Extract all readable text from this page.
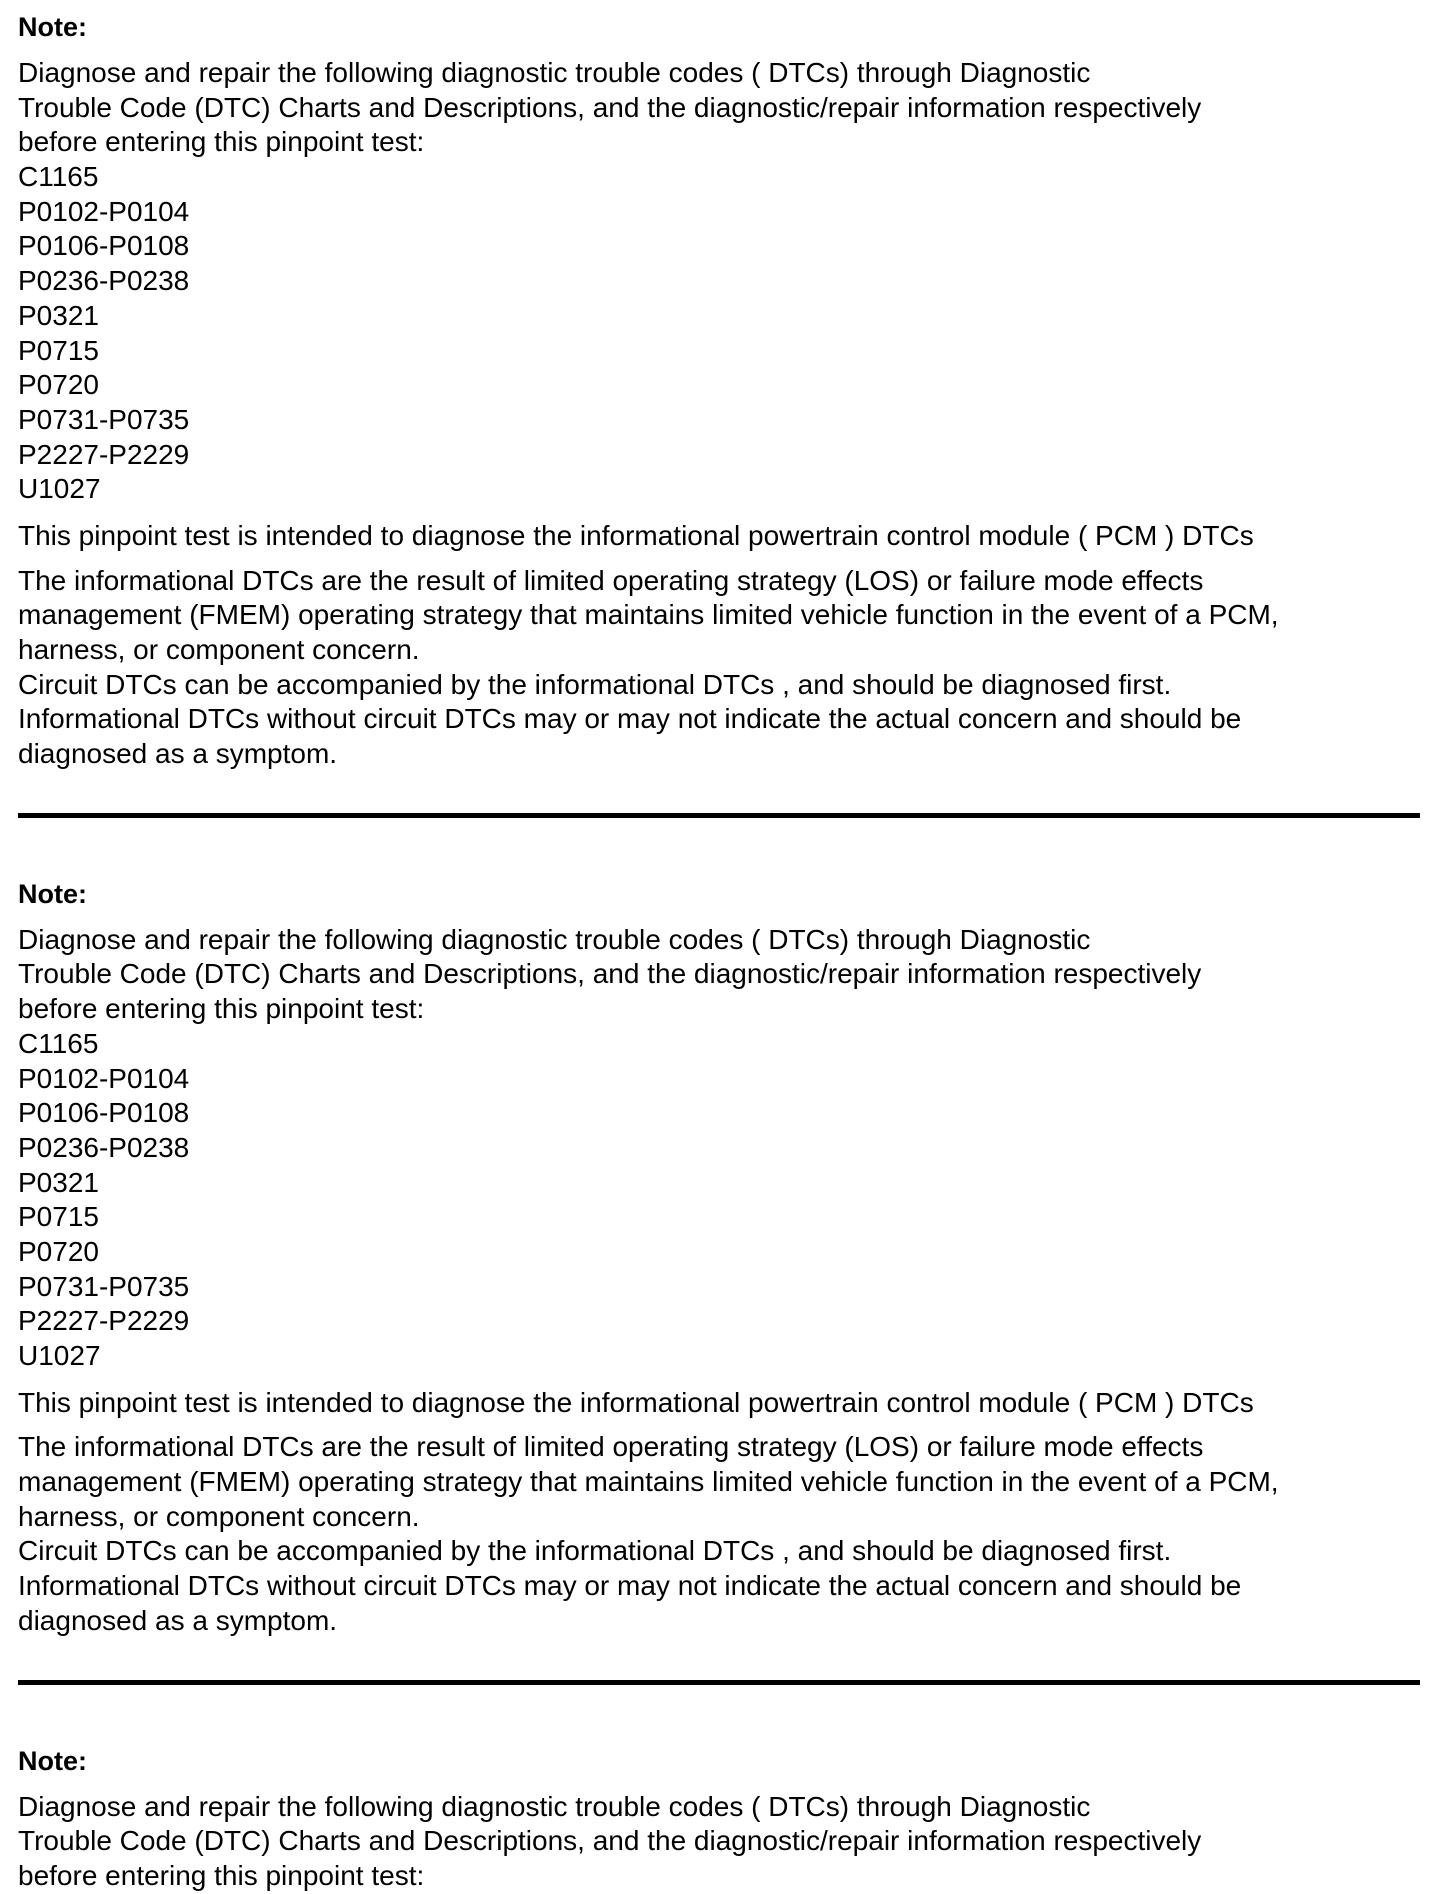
Note:
Diagnose and repair the following diagnostic trouble codes ( DTCs) through Diagnostic
Trouble Code (DTC) Charts and Descriptions, and the diagnostic/repair information respectively
before entering this pinpoint test:
C1165
P0102-P0104
P0106-P0108
P0236-P0238
P0321
P0715
P0720
P0731-P0735
P2227-P2229
U1027
This pinpoint test is intended to diagnose the informational powertrain control module ( PCM ) DTCs
The informational DTCs are the result of limited operating strategy (LOS) or failure mode effects
management (FMEM) operating strategy that maintains limited vehicle function in the event of a PCM,
harness, or component concern.
Circuit DTCs can be accompanied by the informational DTCs , and should be diagnosed first.
Informational DTCs without circuit DTCs may or may not indicate the actual concern and should be
diagnosed as a symptom.
Note:
Diagnose and repair the following diagnostic trouble codes ( DTCs) through Diagnostic
Trouble Code (DTC) Charts and Descriptions, and the diagnostic/repair information respectively
before entering this pinpoint test:
C1165
P0102-P0104
P0106-P0108
P0236-P0238
P0321
P0715
P0720
P0731-P0735
P2227-P2229
U1027
This pinpoint test is intended to diagnose the informational powertrain control module ( PCM ) DTCs
The informational DTCs are the result of limited operating strategy (LOS) or failure mode effects
management (FMEM) operating strategy that maintains limited vehicle function in the event of a PCM,
harness, or component concern.
Circuit DTCs can be accompanied by the informational DTCs , and should be diagnosed first.
Informational DTCs without circuit DTCs may or may not indicate the actual concern and should be
diagnosed as a symptom.
Note:
Diagnose and repair the following diagnostic trouble codes ( DTCs) through Diagnostic
Trouble Code (DTC) Charts and Descriptions, and the diagnostic/repair information respectively
before entering this pinpoint test:
